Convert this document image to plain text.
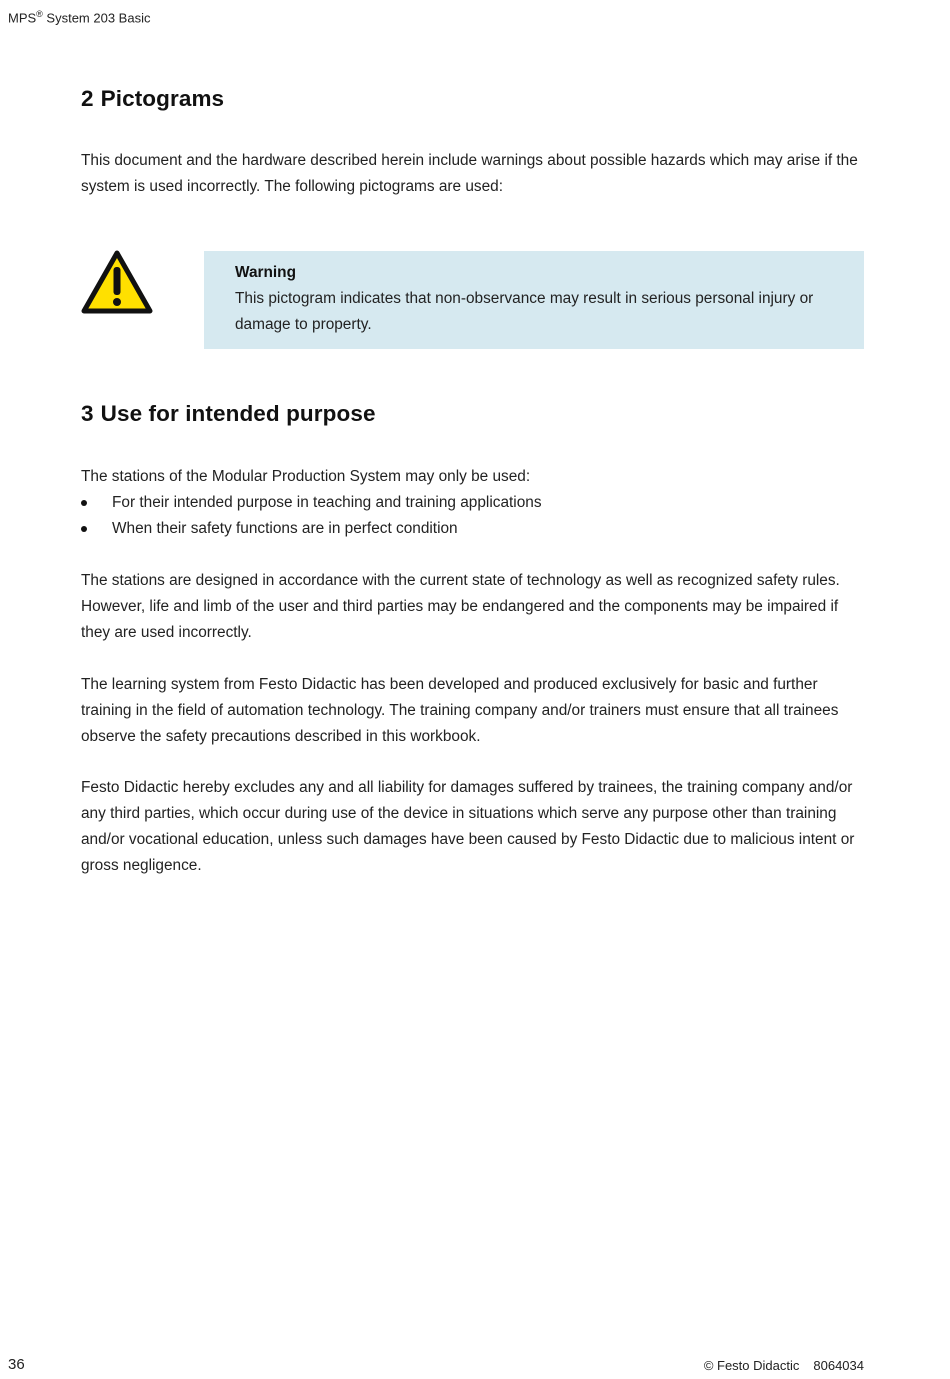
MPS® System 203 Basic
2 Pictograms

This document and the hardware described herein include warnings about possible hazards which may arise if the system is used incorrectly. The following pictograms are used:

Warning

This pictogram indicates that non-observance may result in serious personal injury or damage to property.

3 Use for intended purpose

The stations of the Modular Production System may only be used:

For their intended purpose in teaching and training applications
When their safety functions are in perfect condition

The stations are designed in accordance with the current state of technology as well as recognized safety rules. However, life and limb of the user and third parties may be endangered and the components may be impaired if they are used incorrectly.

The learning system from Festo Didactic has been developed and produced exclusively for basic and further training in the field of automation technology. The training company and/or trainers must ensure that all trainees observe the safety precautions described in this workbook.

Festo Didactic hereby excludes any and all liability for damages suffered by trainees, the training company and/or any third parties, which occur during use of the device in situations which serve any purpose other than training and/or vocational education, unless such damages have been caused by Festo Didactic due to malicious intent or gross negligence.

36	© Festo Didactic 8064034
